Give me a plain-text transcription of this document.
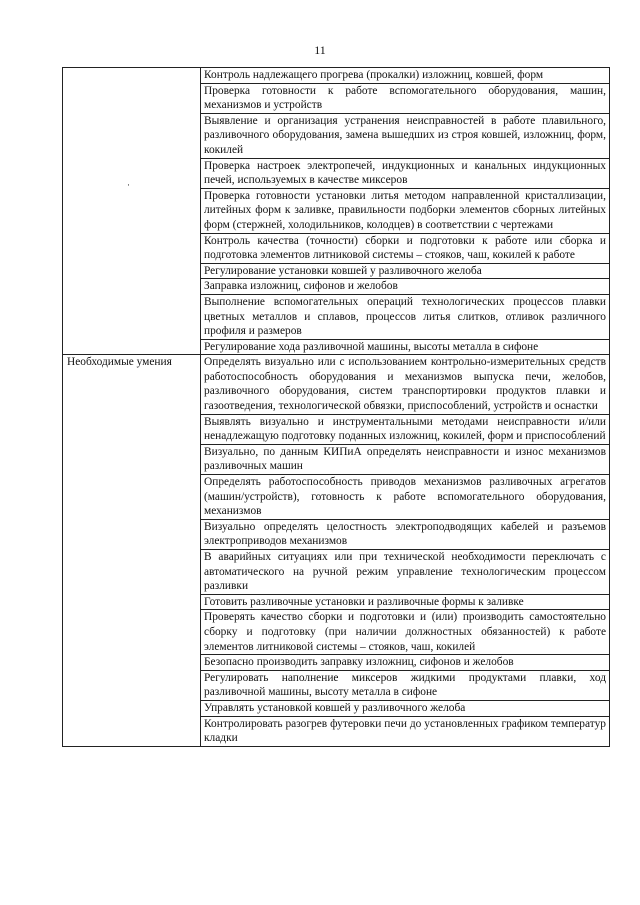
11
	Контроль надлежащего прогрева (прокалки) изложниц, ковшей, форм
	Проверка готовности к работе вспомогательного оборудования, машин, механизмов и устройств
	Выявление и организация устранения неисправностей в работе плавильного, разливочного оборудования, замена вышедших из строя ковшей, изложниц, форм, кокилей
	Проверка настроек электропечей, индукционных и канальных индукционных печей, используемых в качестве миксеров
	Проверка готовности установки литья методом направленной кристаллизации, литейных форм к заливке, правильности подборки элементов сборных литейных форм (стержней, холодильников, колодцев) в соответствии с чертежами
	Контроль качества (точности) сборки и подготовки к работе или сборка и подготовка элементов литниковой системы – стояков, чаш, кокилей к работе
	Регулирование установки ковшей у разливочного желоба
	Заправка изложниц, сифонов и желобов
	Выполнение вспомогательных операций технологических процессов плавки цветных металлов и сплавов, процессов литья слитков, отливок различного профиля и размеров
	Регулирование хода разливочной машины, высоты металла в сифоне
Необходимые умения	Определять визуально или с использованием контрольно-измерительных средств работоспособность оборудования и механизмов выпуска печи, желобов, разливочного оборудования, систем транспортировки продуктов плавки и газоотведения, технологической обвязки, приспособлений, устройств и оснастки
	Выявлять визуально и инструментальными методами неисправности и/или ненадлежащую подготовку поданных изложниц, кокилей, форм и приспособлений
	Визуально, по данным КИПиА определять неисправности и износ механизмов разливочных машин
	Определять работоспособность приводов механизмов разливочных агрегатов (машин/устройств), готовность к работе вспомогательного оборудования, механизмов
	Визуально определять целостность электроподводящих кабелей и разъемов электроприводов механизмов
	В аварийных ситуациях или при технической необходимости переключать с автоматического на ручной режим управление технологическим процессом разливки
	Готовить разливочные установки и разливочные формы к заливке
	Проверять качество сборки и подготовки и (или) производить самостоятельно сборку и подготовку (при наличии должностных обязанностей) к работе элементов литниковой системы – стояков, чаш, кокилей
	Безопасно производить заправку изложниц, сифонов и желобов
	Регулировать наполнение миксеров жидкими продуктами плавки, ход разливочной машины, высоту металла в сифоне
	Управлять установкой ковшей у разливочного желоба
	Контролировать разогрев футеровки печи до установленных графиком температур кладки
·
